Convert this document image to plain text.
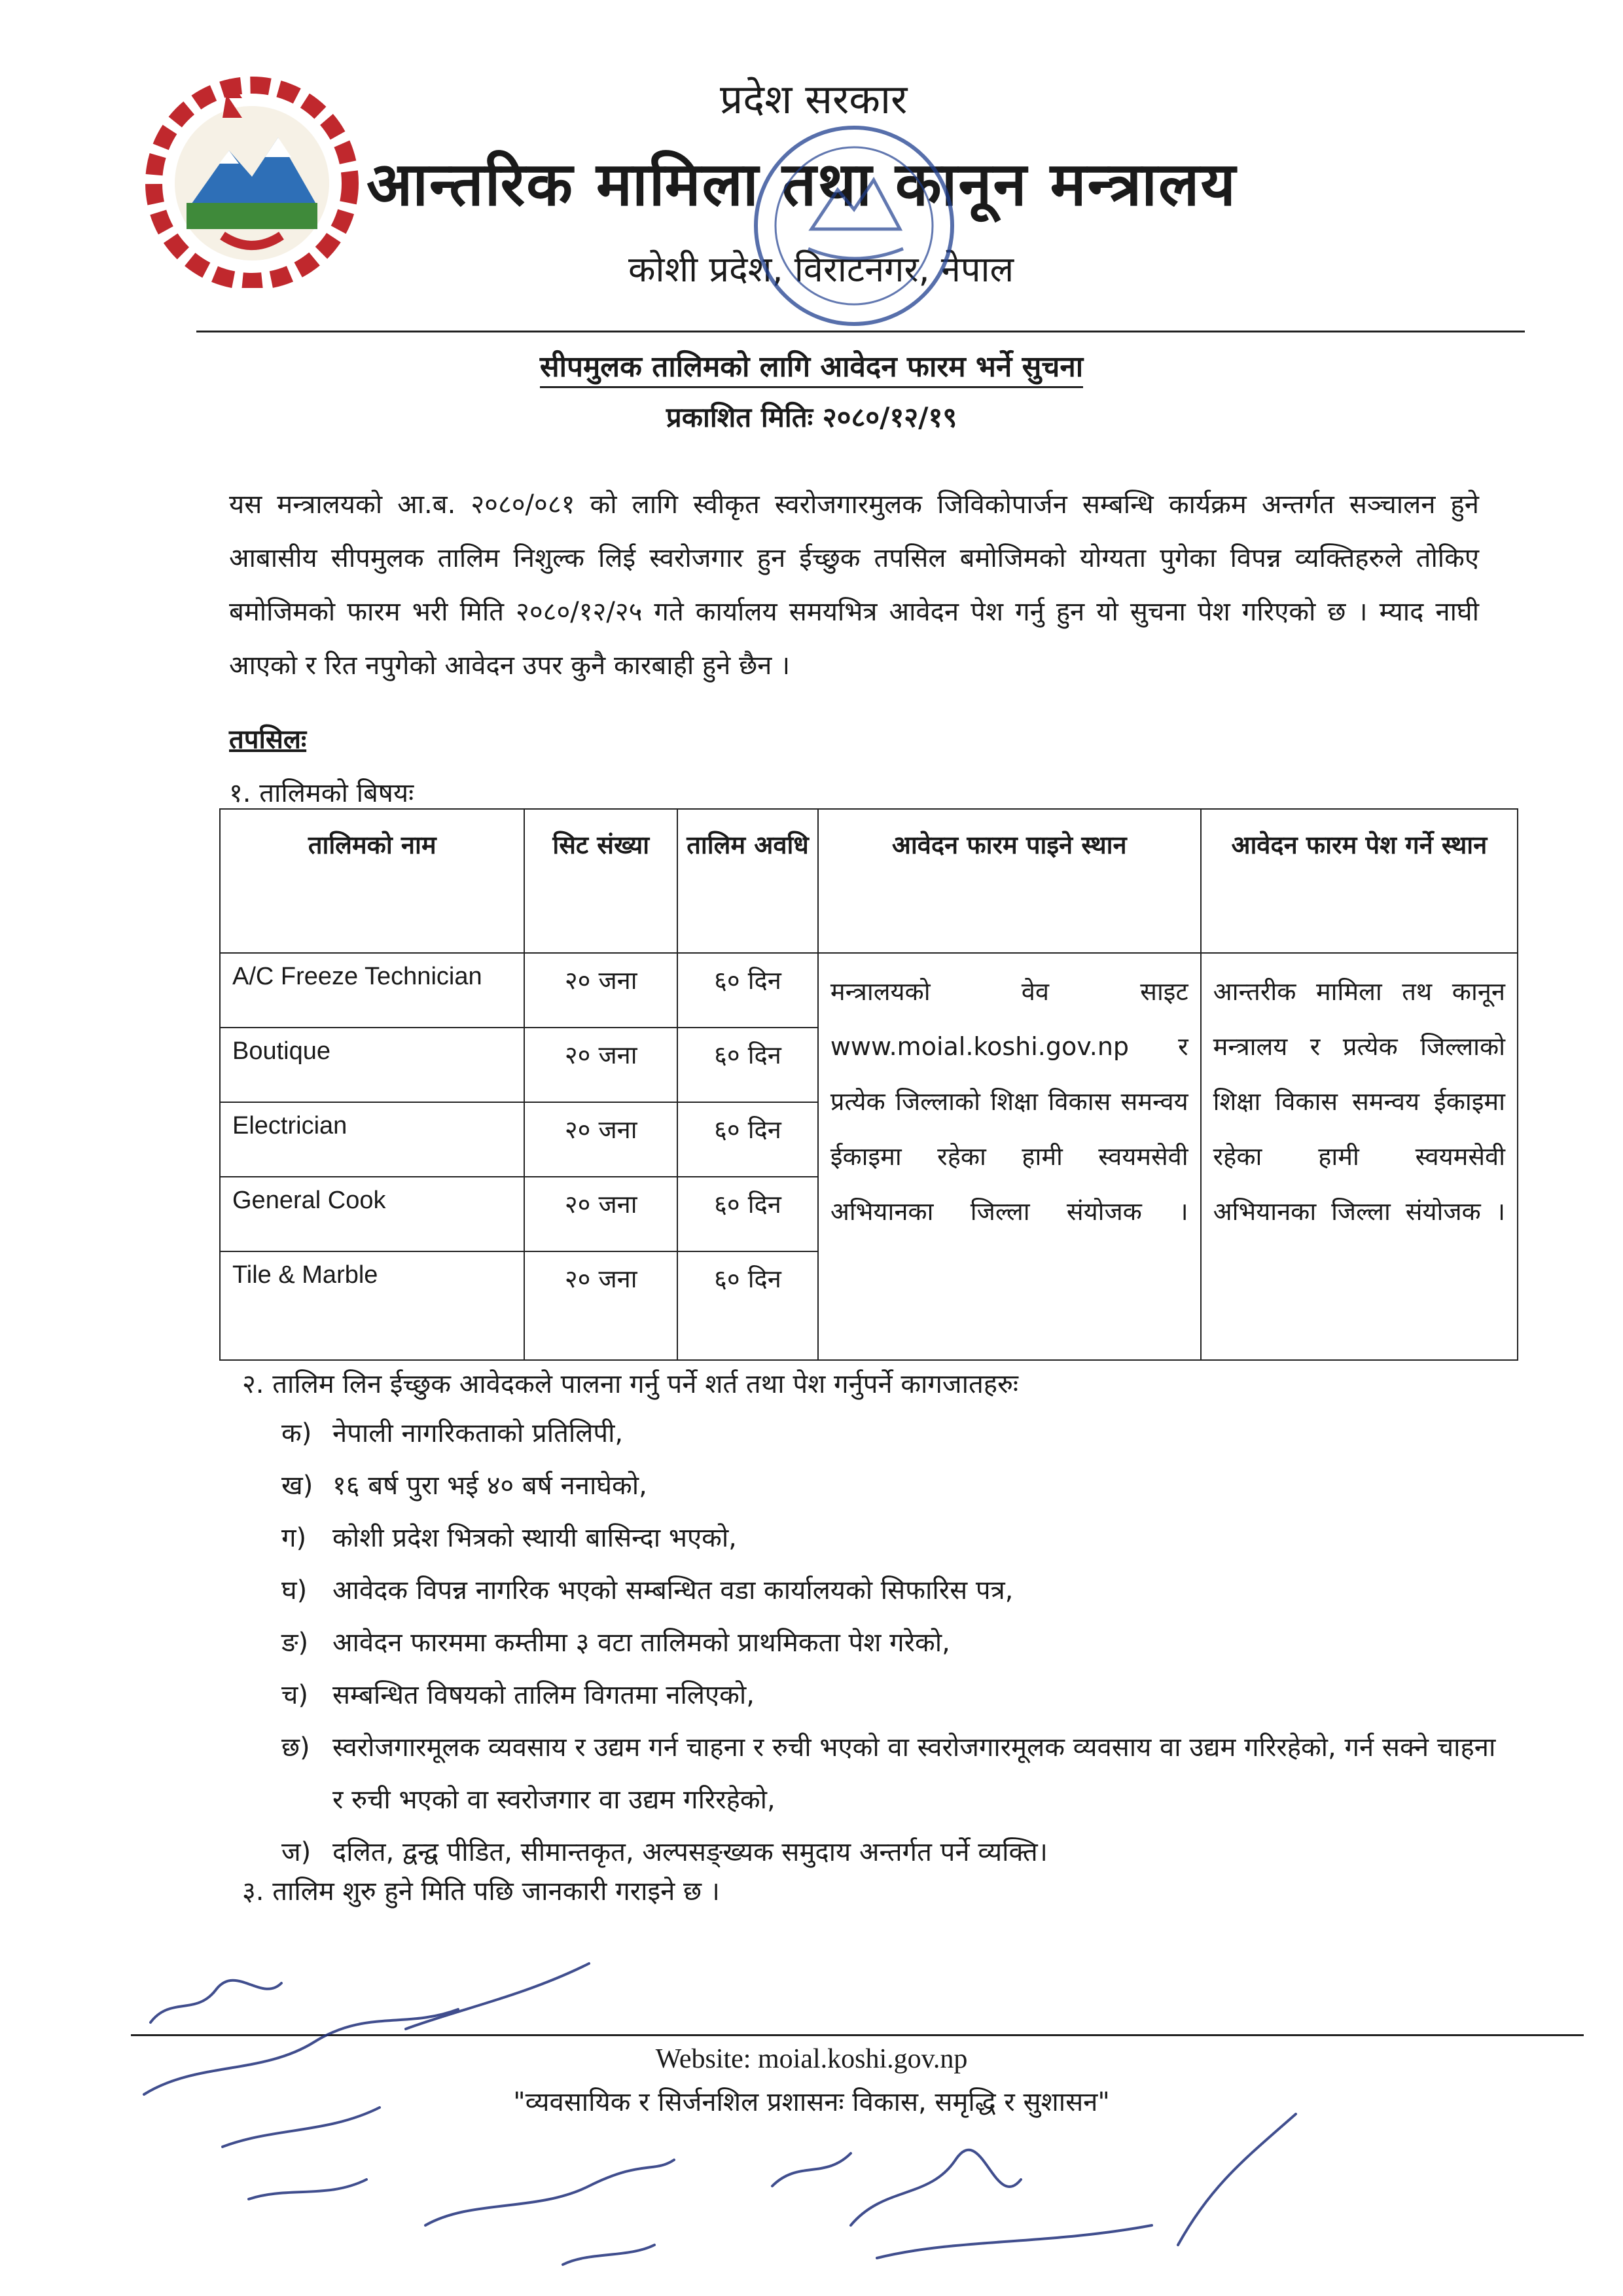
प्रदेश सरकार
आन्तरिक मामिला तथा कानून मन्त्रालय
कोशी प्रदेश, विराटनगर, नेपाल
सीपमुलक तालिमको लागि आवेदन फारम भर्ने सुचना
प्रकाशित मितिः २०८०/१२/१९
यस मन्त्रालयको आ.ब. २०८०/०८१ को लागि स्वीकृत स्वरोजगारमुलक जिविकोपार्जन सम्बन्धि कार्यक्रम अन्तर्गत सञ्चालन हुने आबासीय सीपमुलक तालिम निशुल्क लिई स्वरोजगार हुन ईच्छुक तपसिल बमोजिमको योग्यता पुगेका विपन्न व्यक्तिहरुले तोकिए बमोजिमको फारम भरी मिति २०८०/१२/२५ गते कार्यालय समयभित्र आवेदन पेश गर्नु हुन यो सुचना पेश गरिएको छ । म्याद नाघी आएको र रित नपुगेको आवेदन उपर कुनै कारबाही हुने छैन ।
तपसिलः
१. तालिमको बिषयः
तालिमको नाम	सिट संख्या	तालिम अवधि	आवेदन फारम पाइने स्थान	आवेदन फारम पेश गर्ने स्थान
A/C Freeze Technician	२० जना	६० दिन	मन्त्रालयको वेव साइट www.moial.koshi.gov.np र प्रत्येक जिल्लाको शिक्षा विकास समन्वय ईकाइमा रहेका हामी स्वयमसेवी अभियानका जिल्ला संयोजक ।	आन्तरीक मामिला तथ कानून मन्त्रालय र प्रत्येक जिल्लाको शिक्षा विकास समन्वय ईकाइमा रहेका हामी स्वयमसेवी अभियानका जिल्ला संयोजक ।
Boutique	२० जना	६० दिन		
Electrician	२० जना	६० दिन		
General Cook	२० जना	६० दिन		
Tile & Marble	२० जना	६० दिन		
२. तालिम लिन ईच्छुक आवेदकले पालना गर्नु पर्ने शर्त तथा पेश गर्नुपर्ने कागजातहरुः
क) नेपाली नागरिकताको प्रतिलिपी,
ख) १६ बर्ष पुरा भई ४० बर्ष ननाघेको,
ग) कोशी प्रदेश भित्रको स्थायी बासिन्दा भएको,
घ) आवेदक विपन्न नागरिक भएको सम्बन्धित वडा कार्यालयको सिफारिस पत्र,
ङ) आवेदन फारममा कम्तीमा ३ वटा तालिमको प्राथमिकता पेश गरेको,
च) सम्बन्धित विषयको तालिम विगतमा नलिएको,
छ) स्वरोजगारमूलक व्यवसाय र उद्यम गर्न चाहना र रुची भएको वा स्वरोजगारमूलक व्यवसाय वा उद्यम गरिरहेको, गर्न सक्ने चाहना र रुची भएको वा स्वरोजगार वा उद्यम गरिरहेको,
ज) दलित, द्वन्द्व पीडित, सीमान्तकृत, अल्पसङ्ख्यक समुदाय अन्तर्गत पर्ने व्यक्ति।
३. तालिम शुरु हुने मिति पछि जानकारी गराइने छ ।
Website: moial.koshi.gov.np
"व्यवसायिक र सिर्जनशिल प्रशासनः विकास, समृद्धि र सुशासन"
